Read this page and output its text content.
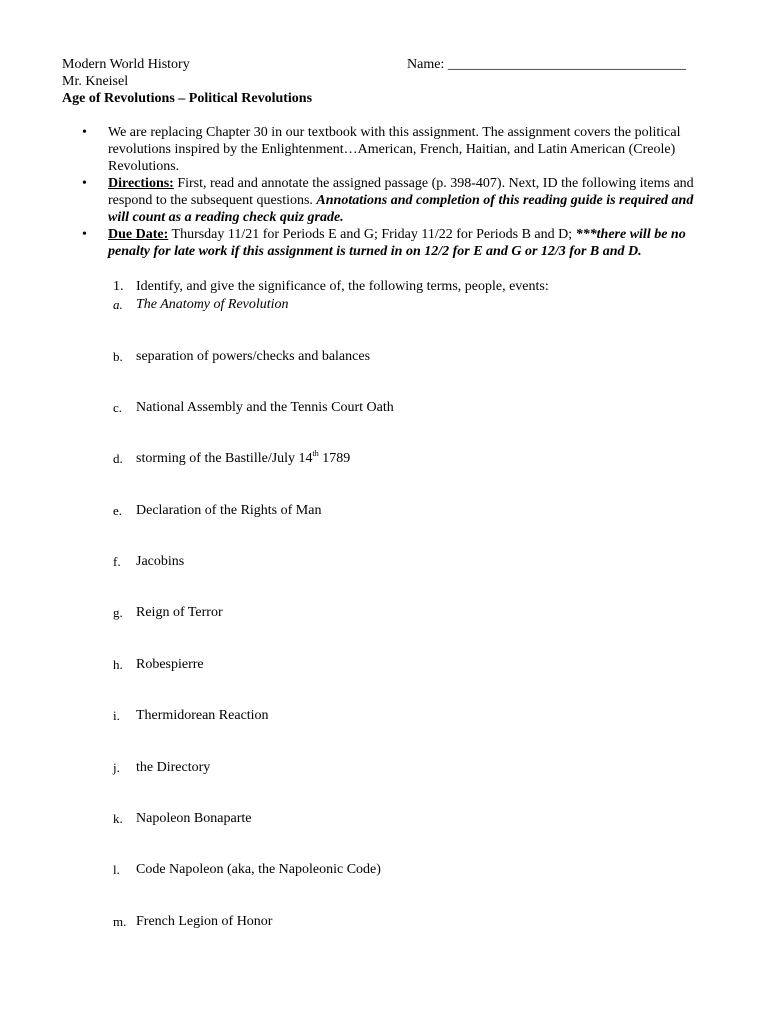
Modern World History
Mr. Kneisel
Age of Revolutions – Political Revolutions
Name: __________________________________
• We are replacing Chapter 30 in our textbook with this assignment. The assignment covers the political revolutions inspired by the Enlightenment…American, French, Haitian, and Latin American (Creole) Revolutions.
• Directions: First, read and annotate the assigned passage (p. 398-407). Next, ID the following items and respond to the subsequent questions. Annotations and completion of this reading guide is required and will count as a reading check quiz grade.
• Due Date: Thursday 11/21 for Periods E and G; Friday 11/22 for Periods B and D; ***there will be no penalty for late work if this assignment is turned in on 12/2 for E and G or 12/3 for B and D.
1. Identify, and give the significance of, the following terms, people, events:
a. The Anatomy of Revolution
b. separation of powers/checks and balances
c. National Assembly and the Tennis Court Oath
d. storming of the Bastille/July 14th 1789
e. Declaration of the Rights of Man
f. Jacobins
g. Reign of Terror
h. Robespierre
i. Thermidorean Reaction
j. the Directory
k. Napoleon Bonaparte
l. Code Napoleon (aka, the Napoleonic Code)
m. French Legion of Honor
